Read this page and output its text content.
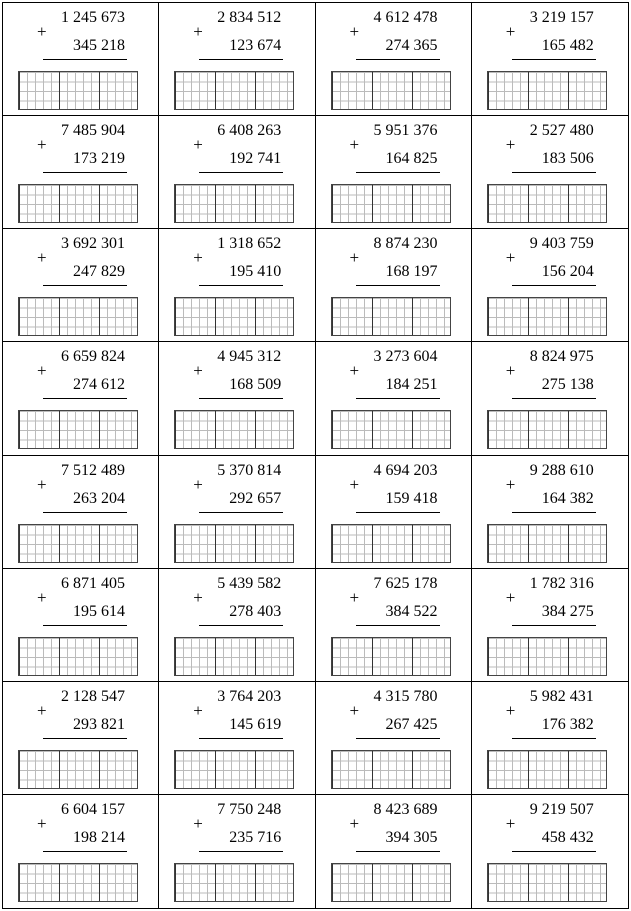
1 245 673
+
345 218
2 834 512
+
123 674
4 612 478
+
274 365
3 219 157
+
165 482
7 485 904
+
173 219
6 408 263
+
192 741
5 951 376
+
164 825
2 527 480
+
183 506
3 692 301
+
247 829
1 318 652
+
195 410
8 874 230
+
168 197
9 403 759
+
156 204
6 659 824
+
274 612
4 945 312
+
168 509
3 273 604
+
184 251
8 824 975
+
275 138
7 512 489
+
263 204
5 370 814
+
292 657
4 694 203
+
159 418
9 288 610
+
164 382
6 871 405
+
195 614
5 439 582
+
278 403
7 625 178
+
384 522
1 782 316
+
384 275
2 128 547
+
293 821
3 764 203
+
145 619
4 315 780
+
267 425
5 982 431
+
176 382
6 604 157
+
198 214
7 750 248
+
235 716
8 423 689
+
394 305
9 219 507
+
458 432
